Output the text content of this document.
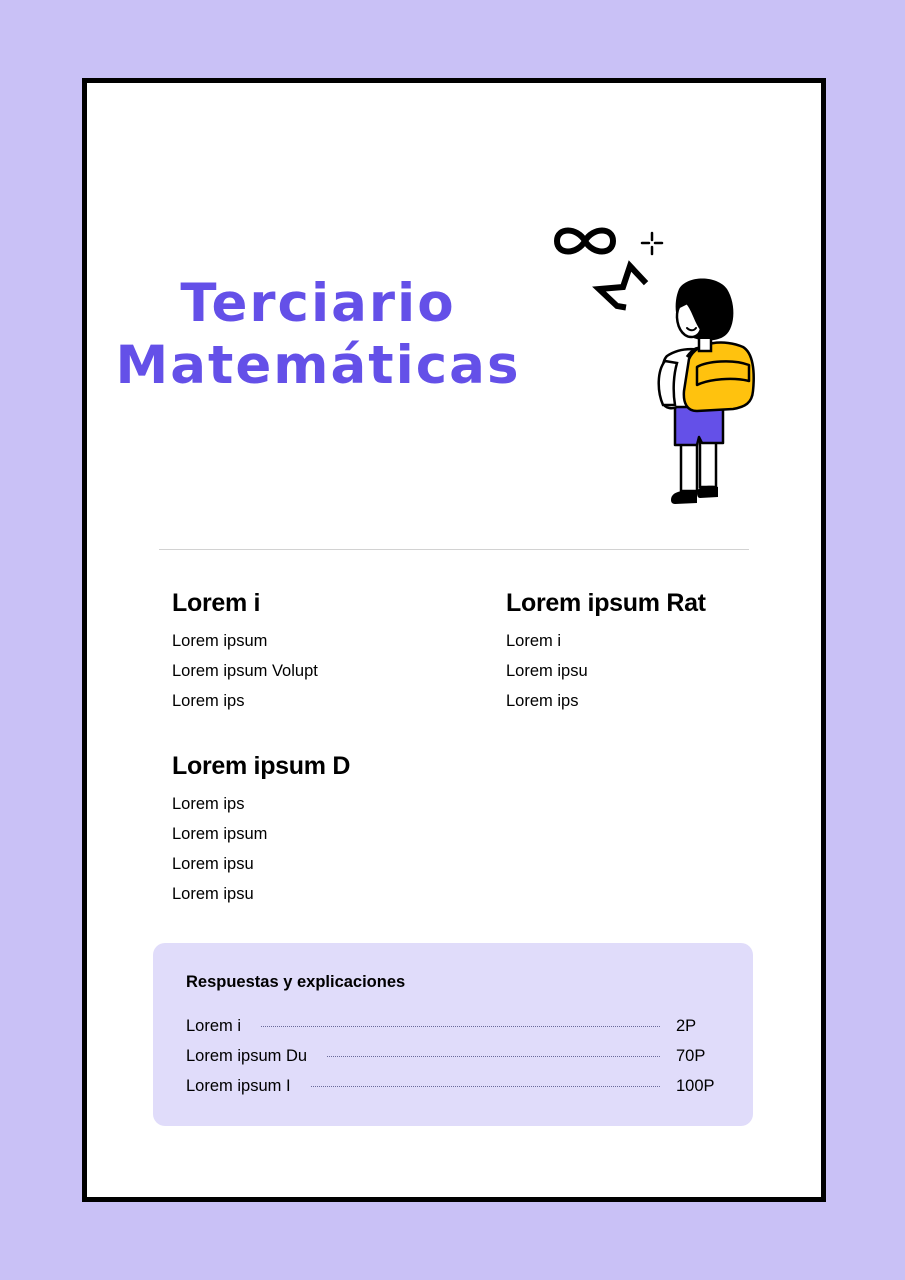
Terciario
Matemáticas
Lorem i
Lorem ipsum
Lorem ipsum Volupt
Lorem ips
Lorem ipsum Rat
Lorem i
Lorem ipsu
Lorem ips
Lorem ipsum D
Lorem ips
Lorem ipsum
Lorem ipsu
Lorem ipsu
Respuestas y explicaciones
Lorem i	2P
Lorem ipsum Du	70P
Lorem ipsum I	100P
